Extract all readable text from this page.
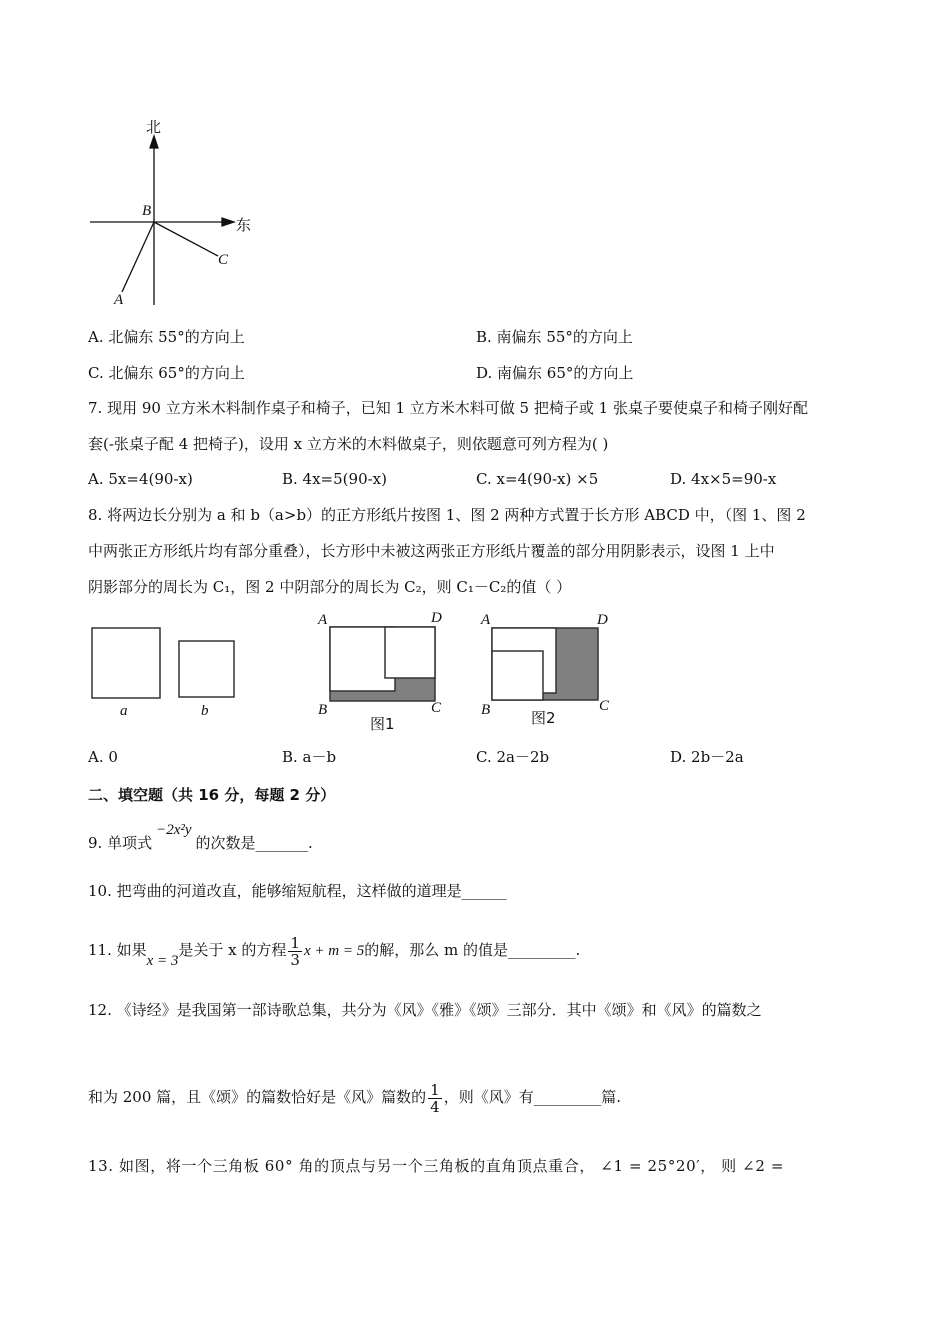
北
东
B
C
A
A. 北偏东 55°的方向上	B. 南偏东 55°的方向上
C. 北偏东 65°的方向上	D. 南偏东 65°的方向上
7. 现用 90 立方米木料制作桌子和椅子，已知 1 立方米木料可做 5 把椅子或 1 张桌子要使桌子和椅子刚好配
套(-张桌子配 4 把椅子)，设用 x 立方米的木料做桌子，则依题意可列方程为( )
A. 5x=4(90-x)	B. 4x=5(90-x)	C. x=4(90-x) ×5	D. 4x×5=90-x
8. 将两边长分别为 a 和 b（a>b）的正方形纸片按图 1、图 2 两种方式置于长方形 ABCD 中，（图 1、图 2
中两张正方形纸片均有部分重叠），长方形中未被这两张正方形纸片覆盖的部分用阴影表示，设图 1 上中
阴影部分的周长为 C₁，图 2 中阴部分的周长为 C₂，则 C₁－C₂的值（ ）
a	b
A	D
B	C
图1
A	D
B	C
图2
A. 0	B. a－b	C. 2a－2b	D. 2b－2a
二、填空题（共 16 分，每题 2 分）
9. 单项式−2x²y的次数是_______.
10. 把弯曲的河道改直，能够缩短航程，这样做的道理是______
11. 如果x = 3是关于 x 的方程 $\frac{1}{3}$ x + m = 5的解，那么 m 的值是_________.
12. 《诗经》是我国第一部诗歌总集，共分为《风》《雅》《颂》三部分．其中《颂》和《风》的篇数之
和为 200 篇，且《颂》的篇数恰好是《风》篇数的 $\frac{1}{4}$ ，则《风》有_________篇.
13. 如图，将一个三角板 60° 角的顶点与另一个三角板的直角顶点重合， ∠1 = 25°20′， 则 ∠2 =
